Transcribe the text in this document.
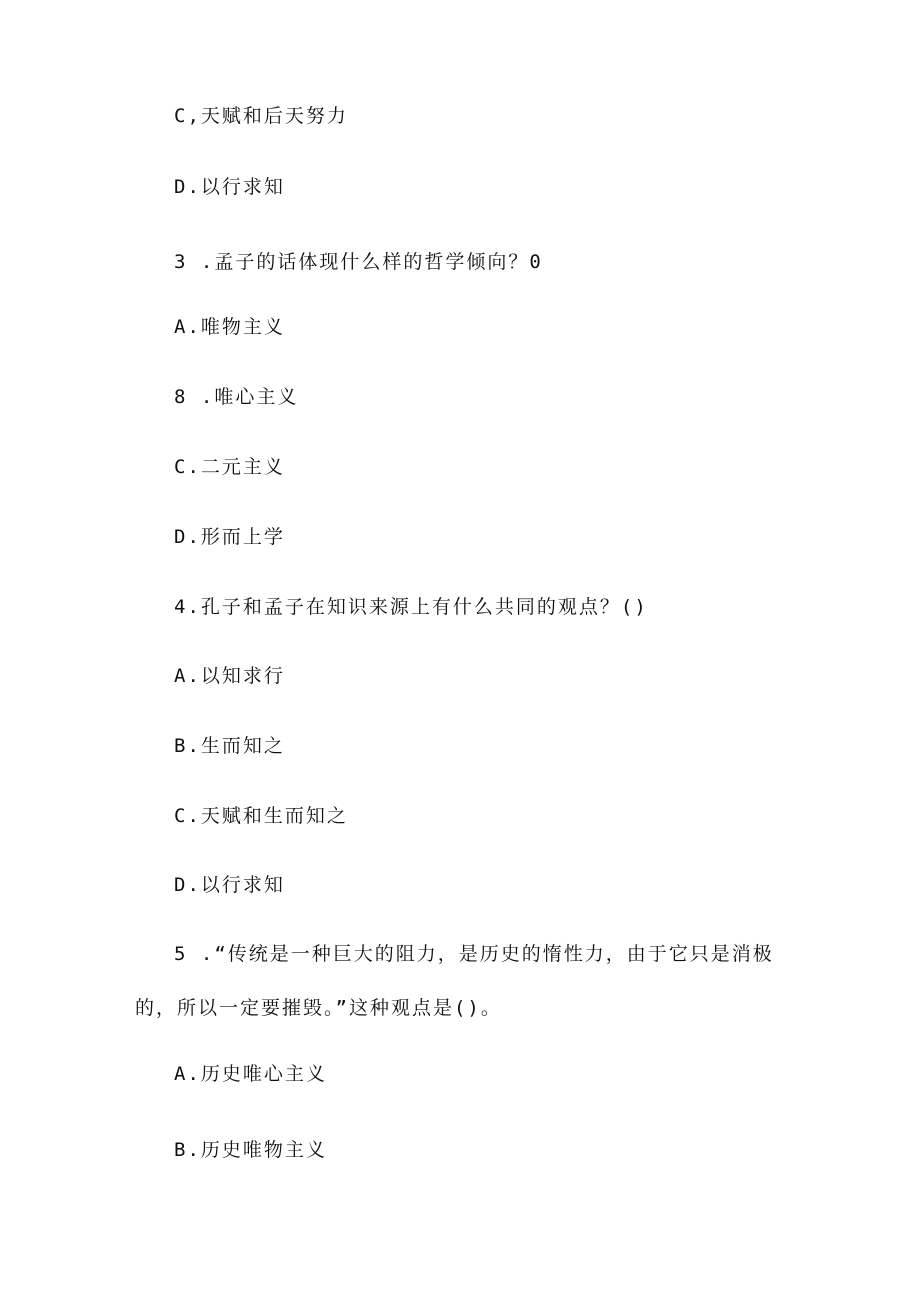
C,天赋和后天努力
D.以行求知
3 .孟子的话体现什么样的哲学倾向？0
A.唯物主义
8 .唯心主义
C.二元主义
D.形而上学
4.孔子和孟子在知识来源上有什么共同的观点？()
A.以知求行
B.生而知之
C.天赋和生而知之
D.以行求知
5 .“传统是一种巨大的阻力，是历史的惰性力，由于它只是消极的，所以一定要摧毁。”这种观点是()。
A.历史唯心主义
B.历史唯物主义
